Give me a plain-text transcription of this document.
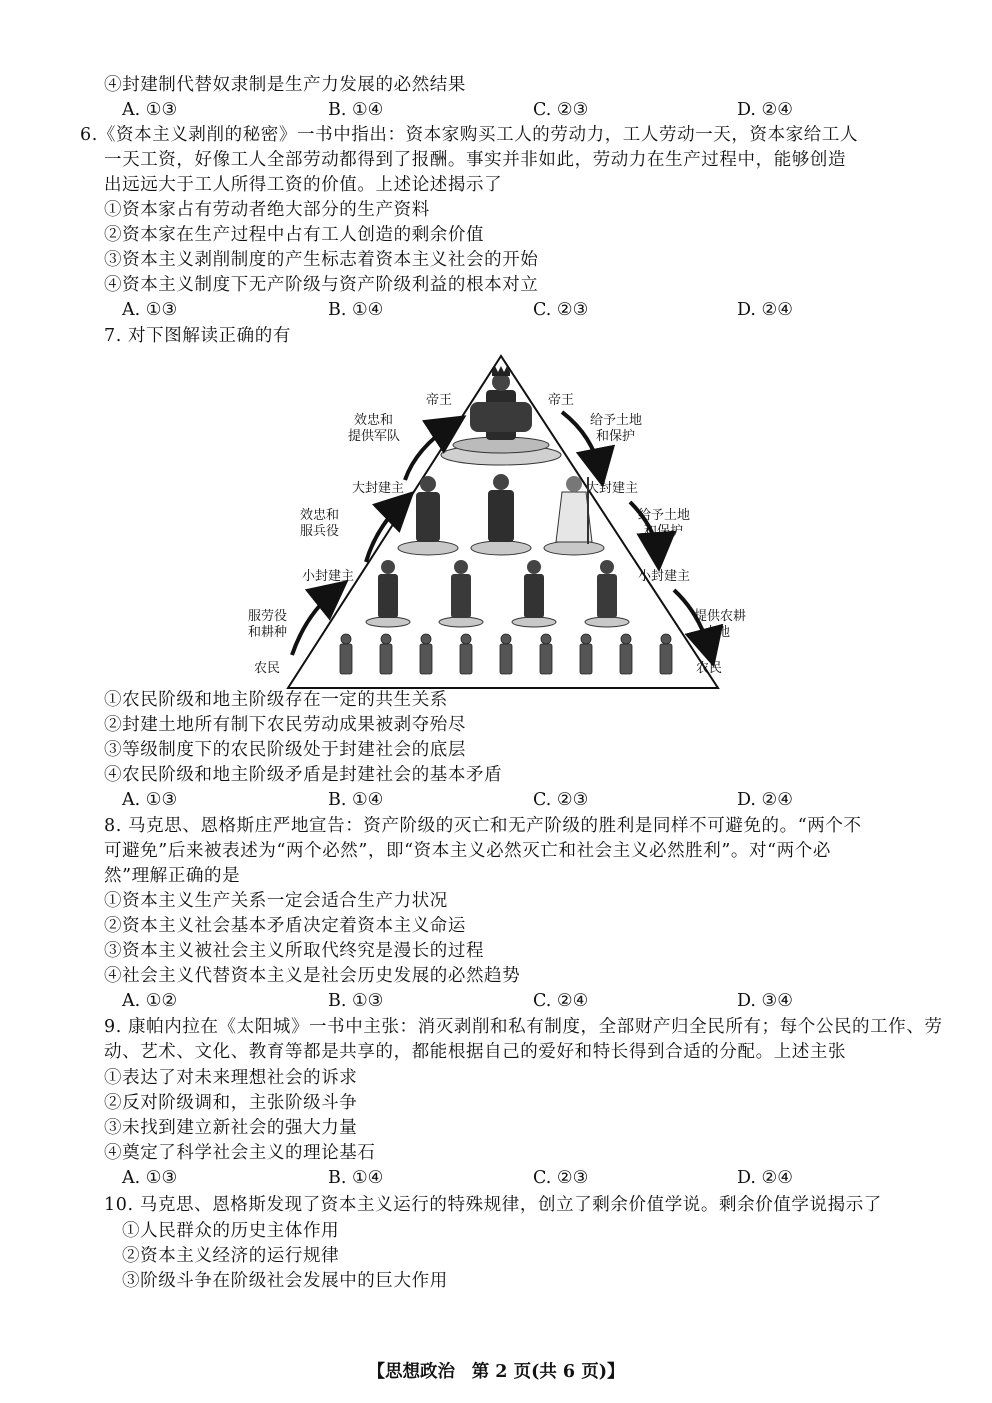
④封建制代替奴隶制是生产力发展的必然结果
A. ①③	B. ①④	C. ②③	D. ②④
6.《资本主义剥削的秘密》一书中指出：资本家购买工人的劳动力，工人劳动一天，资本家给工人
一天工资，好像工人全部劳动都得到了报酬。事实并非如此，劳动力在生产过程中，能够创造
出远远大于工人所得工资的价值。上述论述揭示了
①资本家占有劳动者绝大部分的生产资料
②资本家在生产过程中占有工人创造的剩余价值
③资本主义剥削制度的产生标志着资本主义社会的开始
④资本主义制度下无产阶级与资产阶级利益的根本对立
A. ①③	B. ①④	C. ②③	D. ②④
7. 对下图解读正确的有
帝王
效忠和
提供军队
大封建主
效忠和
服兵役
小封建主
服劳役
和耕种
农民
帝王
给予土地
和保护
大封建主
给予土地
和保护
小封建主
提供农耕
土地
农民
①农民阶级和地主阶级存在一定的共生关系
②封建土地所有制下农民劳动成果被剥夺殆尽
③等级制度下的农民阶级处于封建社会的底层
④农民阶级和地主阶级矛盾是封建社会的基本矛盾
A. ①③	B. ①④	C. ②③	D. ②④
8. 马克思、恩格斯庄严地宣告：资产阶级的灭亡和无产阶级的胜利是同样不可避免的。“两个不
可避免”后来被表述为“两个必然”，即“资本主义必然灭亡和社会主义必然胜利”。对“两个必
然”理解正确的是
①资本主义生产关系一定会适合生产力状况
②资本主义社会基本矛盾决定着资本主义命运
③资本主义被社会主义所取代终究是漫长的过程
④社会主义代替资本主义是社会历史发展的必然趋势
A. ①②	B. ①③	C. ②④	D. ③④
9. 康帕内拉在《太阳城》一书中主张：消灭剥削和私有制度，全部财产归全民所有；每个公民的工作、劳
动、艺术、文化、教育等都是共享的，都能根据自己的爱好和特长得到合适的分配。上述主张
①表达了对未来理想社会的诉求
②反对阶级调和，主张阶级斗争
③未找到建立新社会的强大力量
④奠定了科学社会主义的理论基石
A. ①③	B. ①④	C. ②③	D. ②④
10. 马克思、恩格斯发现了资本主义运行的特殊规律，创立了剩余价值学说。剩余价值学说揭示了
①人民群众的历史主体作用
②资本主义经济的运行规律
③阶级斗争在阶级社会发展中的巨大作用
【思想政治 第 2 页(共 6 页)】
